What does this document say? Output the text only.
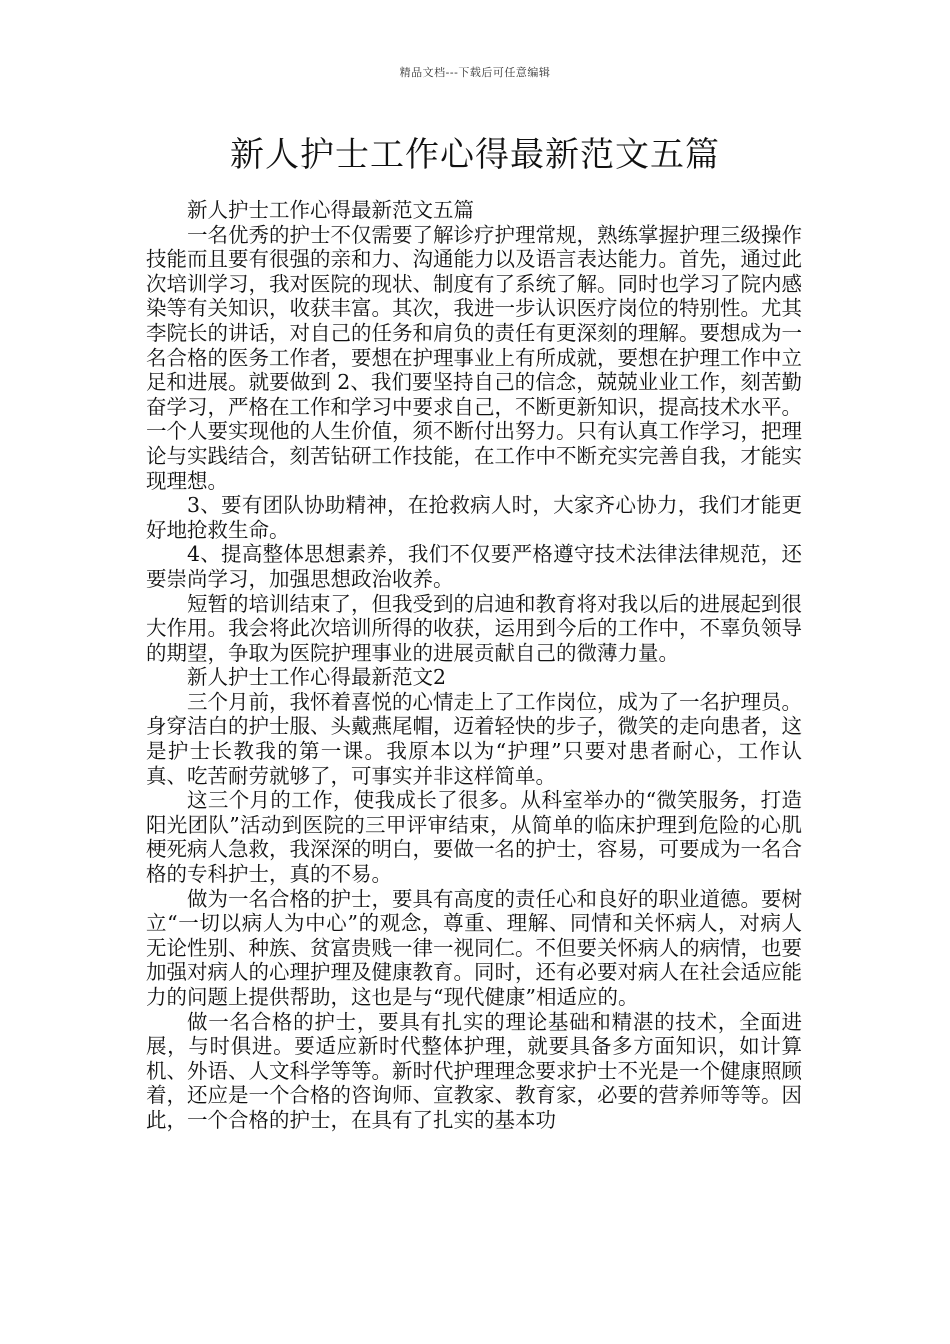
精品文档---下载后可任意编辑
新人护士工作心得最新范文五篇

新人护士工作心得最新范文五篇

一名优秀的护士不仅需要了解诊疗护理常规，熟练掌握护理三级操作技能而且要有很强的亲和力、沟通能力以及语言表达能力。首先，通过此次培训学习，我对医院的现状、制度有了系统了解。同时也学习了院内感染等有关知识，收获丰富。其次，我进一步认识医疗岗位的特别性。尤其李院长的讲话，对自己的任务和肩负的责任有更深刻的理解。要想成为一名合格的医务工作者，要想在护理事业上有所成就，要想在护理工作中立足和进展。就要做到 2、我们要坚持自己的信念，兢兢业业工作，刻苦勤奋学习，严格在工作和学习中要求自己，不断更新知识，提高技术水平。一个人要实现他的人生价值，须不断付出努力。只有认真工作学习，把理论与实践结合，刻苦钻研工作技能，在工作中不断充实完善自我，才能实现理想。

3、要有团队协助精神，在抢救病人时，大家齐心协力，我们才能更好地抢救生命。

4、提高整体思想素养，我们不仅要严格遵守技术法律法律规范，还要崇尚学习，加强思想政治收养。

短暂的培训结束了，但我受到的启迪和教育将对我以后的进展起到很大作用。我会将此次培训所得的收获，运用到今后的工作中，不辜负领导的期望，争取为医院护理事业的进展贡献自己的微薄力量。

新人护士工作心得最新范文2

三个月前，我怀着喜悦的心情走上了工作岗位，成为了一名护理员。身穿洁白的护士服、头戴燕尾帽，迈着轻快的步子，微笑的走向患者，这是护士长教我的第一课。我原本以为“护理”只要对患者耐心，工作认真、吃苦耐劳就够了，可事实并非这样简单。

这三个月的工作，使我成长了很多。从科室举办的“微笑服务，打造阳光团队”活动到医院的三甲评审结束，从简单的临床护理到危险的心肌梗死病人急救，我深深的明白，要做一名的护士，容易，可要成为一名合格的专科护士，真的不易。

做为一名合格的护士，要具有高度的责任心和良好的职业道德。要树立“一切以病人为中心”的观念，尊重、理解、同情和关怀病人，对病人无论性别、种族、贫富贵贱一律一视同仁。不但要关怀病人的病情，也要加强对病人的心理护理及健康教育。同时，还有必要对病人在社会适应能力的问题上提供帮助，这也是与“现代健康”相适应的。

做一名合格的护士，要具有扎实的理论基础和精湛的技术，全面进展，与时俱进。要适应新时代整体护理，就要具备多方面知识，如计算机、外语、人文科学等等。新时代护理理念要求护士不光是一个健康照顾着，还应是一个合格的咨询师、宣教家、教育家，必要的营养师等等。因此，一个合格的护士，在具有了扎实的基本功
